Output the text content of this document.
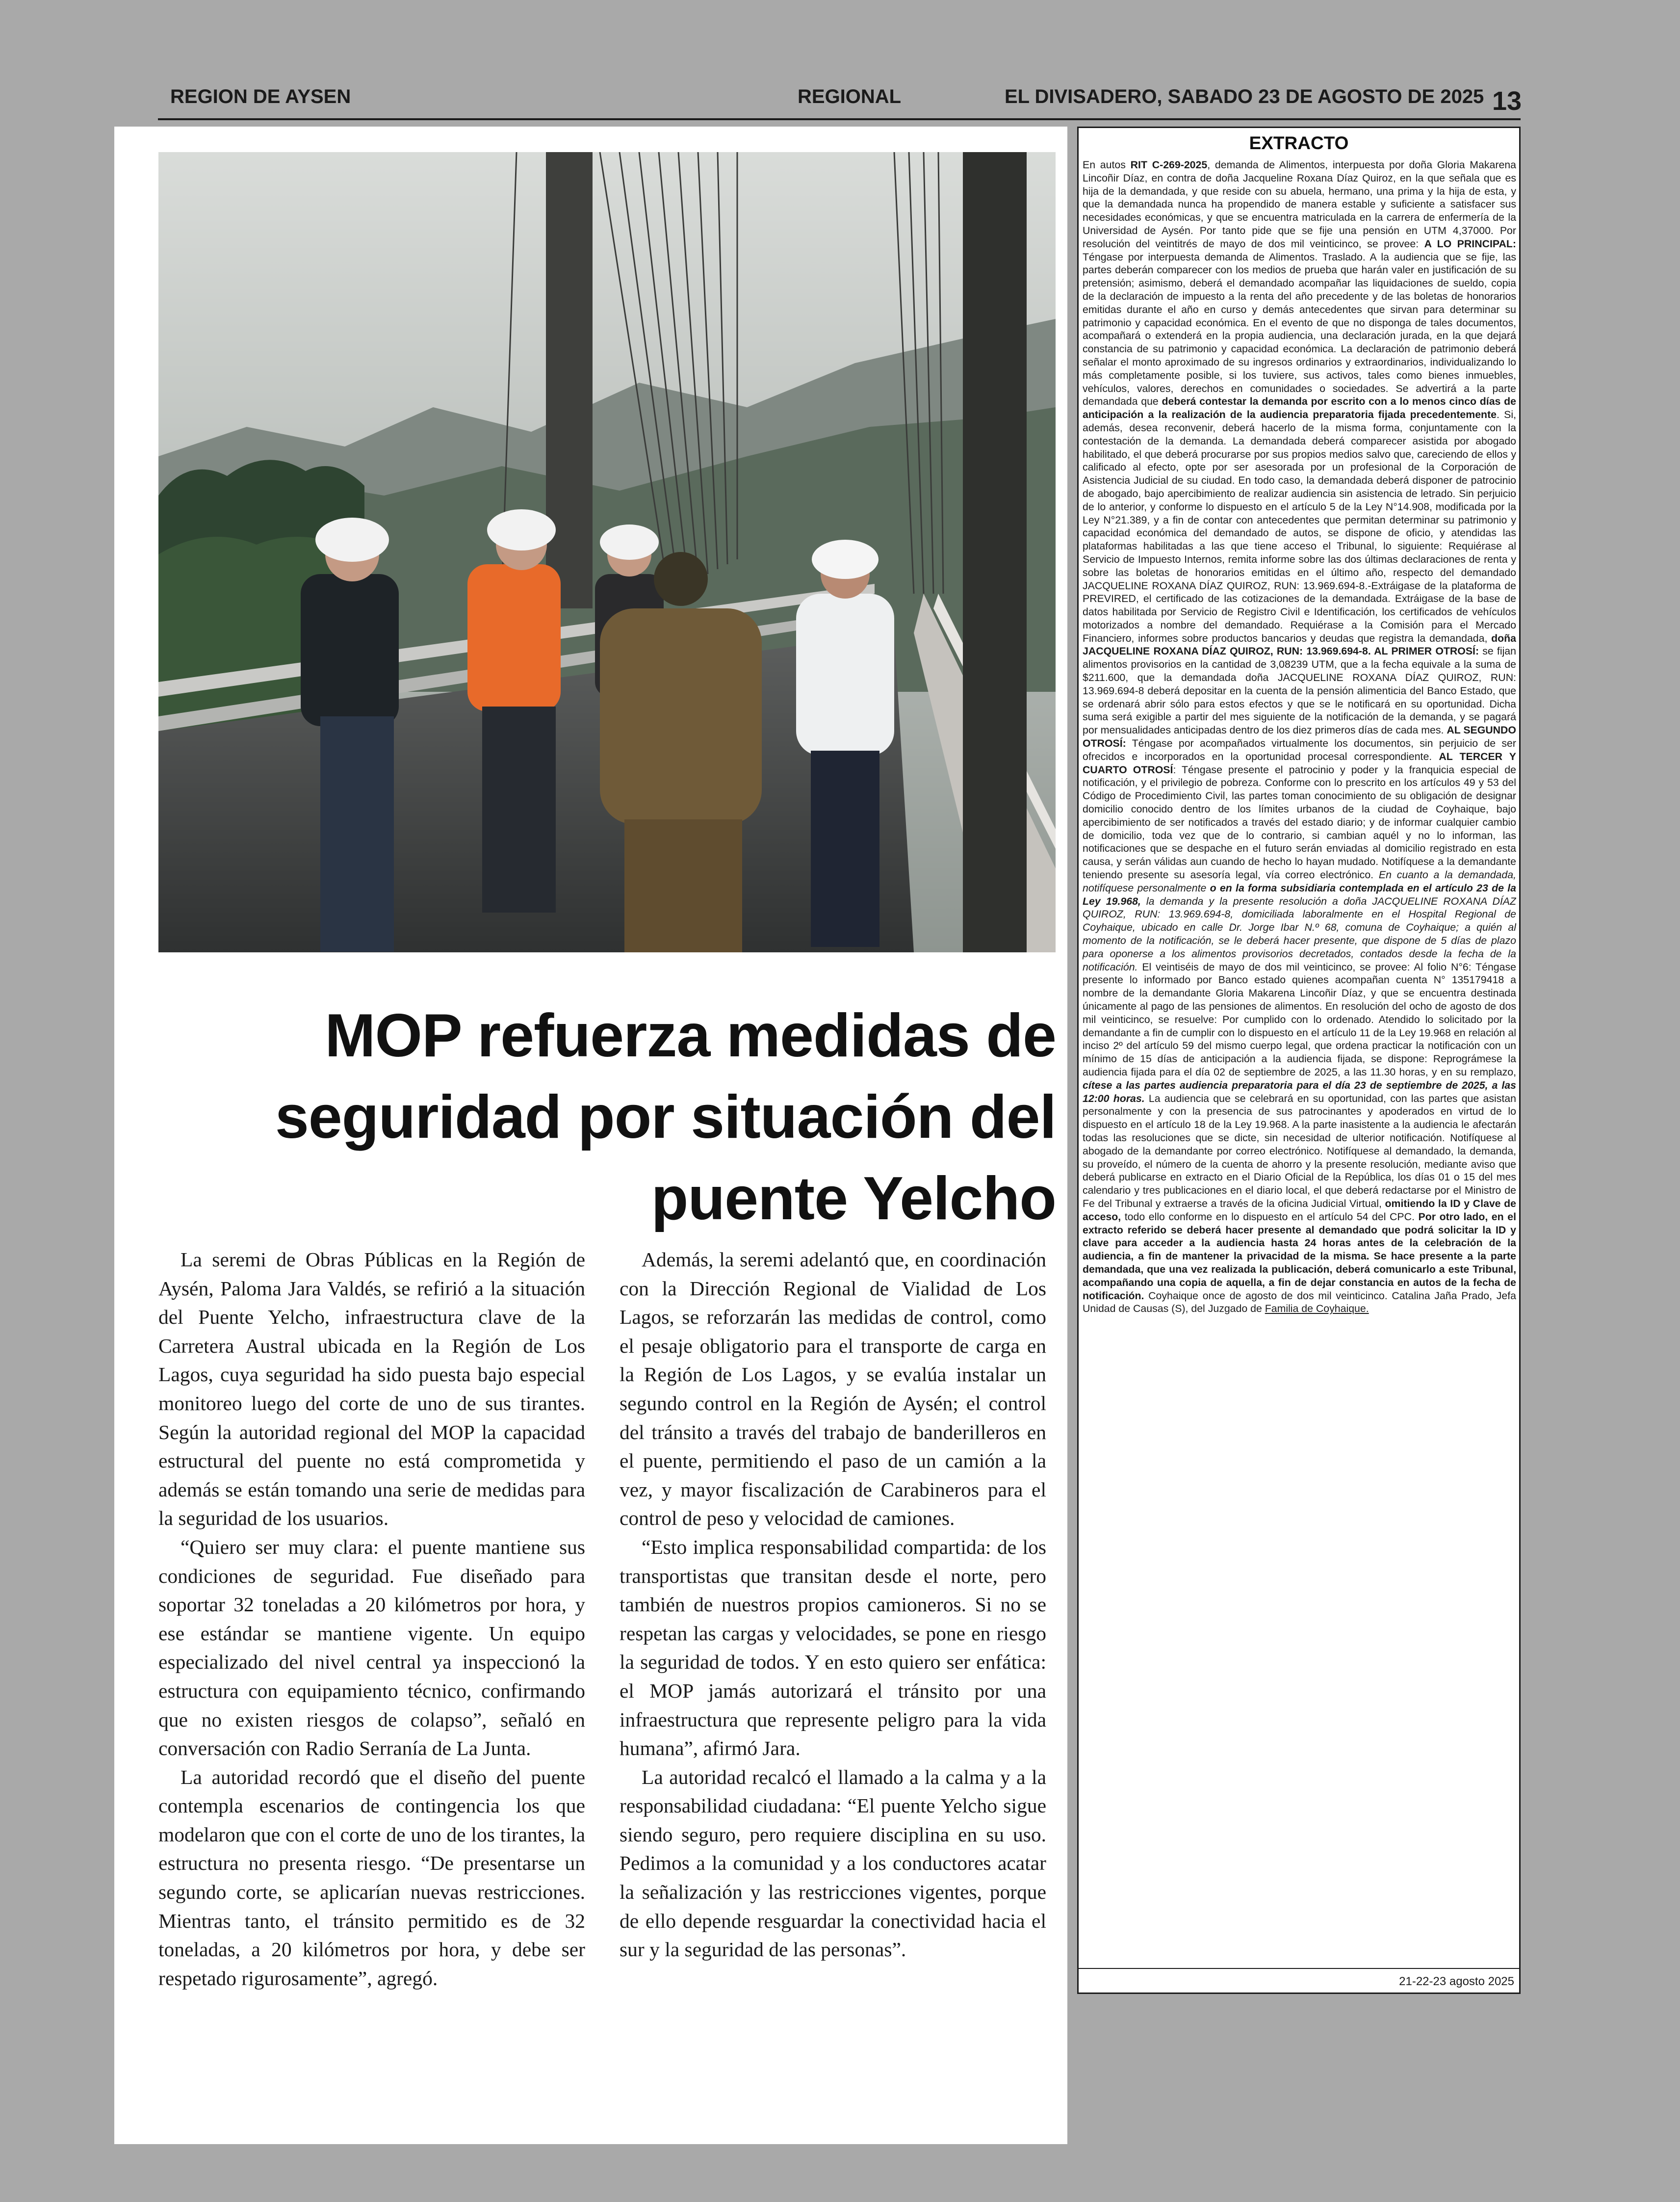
REGION DE AYSEN	REGIONAL	EL DIVISADERO, SABADO 23 DE AGOSTO DE 2025 13
MOP refuerza medidas de
seguridad por situación del
puente Yelcho

La seremi de Obras Públicas en la Región de Aysén, Paloma Jara Valdés, se refirió a la situación del Puente Yelcho, infraestructura clave de la Carretera Austral ubicada en la Región de Los Lagos, cuya seguridad ha sido puesta bajo especial monitoreo luego del corte de uno de sus tirantes. Según la autoridad regional del MOP la capacidad estructural del puente no está comprometida y además se están tomando una serie de medidas para la seguridad de los usuarios.

“Quiero ser muy clara: el puente mantiene sus condiciones de seguridad. Fue diseñado para soportar 32 toneladas a 20 kilómetros por hora, y ese estándar se mantiene vigente. Un equipo especializado del nivel central ya inspeccionó la estructura con equipamiento técnico, confirmando que no existen riesgos de colapso”, señaló en conversación con Radio Serranía de La Junta.

La autoridad recordó que el diseño del puente contempla escenarios de contingencia los que modelaron que con el corte de uno de los tirantes, la estructura no presenta riesgo. “De presentarse un segundo corte, se aplicarían nuevas restricciones. Mientras tanto, el tránsito permitido es de 32 toneladas, a 20 kilómetros por hora, y debe ser respetado rigurosamente”, agregó.

Además, la seremi adelantó que, en coordinación con la Dirección Regional de Vialidad de Los Lagos, se reforzarán las medidas de control, como el pesaje obligatorio para el transporte de carga en la Región de Los Lagos, y se evalúa instalar un segundo control en la Región de Aysén; el control del tránsito a través del trabajo de banderilleros en el puente, permitiendo el paso de un camión a la vez, y mayor fiscalización de Carabineros para el control de peso y velocidad de camiones.

“Esto implica responsabilidad compartida: de los transportistas que transitan desde el norte, pero también de nuestros propios camioneros. Si no se respetan las cargas y velocidades, se pone en riesgo la seguridad de todos. Y en esto quiero ser enfática: el MOP jamás autorizará el tránsito por una infraestructura que represente peligro para la vida humana”, afirmó Jara.

La autoridad recalcó el llamado a la calma y a la responsabilidad ciudadana: “El puente Yelcho sigue siendo seguro, pero requiere disciplina en su uso. Pedimos a la comunidad y a los conductores acatar la señalización y las restricciones vigentes, porque de ello depende resguardar la conectividad hacia el sur y la seguridad de las personas”.

EXTRACTO
En autos RIT C-269-2025, demanda de Alimentos, interpuesta por doña Gloria Makarena Lincoñir Díaz, en contra de doña Jacqueline Roxana Díaz Quiroz, en la que señala que es hija de la demandada, y que reside con su abuela, hermano, una prima y la hija de esta, y que la demandada nunca ha propendido de manera estable y suficiente a satisfacer sus necesidades económicas, y que se encuentra matriculada en la carrera de enfermería de la Universidad de Aysén. Por tanto pide que se fije una pensión en UTM 4,37000. Por resolución del veintitrés de mayo de dos mil veinticinco, se provee: A LO PRINCIPAL: Téngase por interpuesta demanda de Alimentos. Traslado. A la audiencia que se fije, las partes deberán comparecer con los medios de prueba que harán valer en justificación de su pretensión; asimismo, deberá el demandado acompañar las liquidaciones de sueldo, copia de la declaración de impuesto a la renta del año precedente y de las boletas de honorarios emitidas durante el año en curso y demás antecedentes que sirvan para determinar su patrimonio y capacidad económica. En el evento de que no disponga de tales documentos, acompañará o extenderá en la propia audiencia, una declaración jurada, en la que dejará constancia de su patrimonio y capacidad económica. La declaración de patrimonio deberá señalar el monto aproximado de su ingresos ordinarios y extraordinarios, individualizando lo más completamente posible, si los tuviere, sus activos, tales como bienes inmuebles, vehículos, valores, derechos en comunidades o sociedades. Se advertirá a la parte demandada que deberá contestar la demanda por escrito con a lo menos cinco días de anticipación a la realización de la audiencia preparatoria fijada precedentemente. Si, además, desea reconvenir, deberá hacerlo de la misma forma, conjuntamente con la contestación de la demanda. La demandada deberá comparecer asistida por abogado habilitado, el que deberá procurarse por sus propios medios salvo que, careciendo de ellos y calificado al efecto, opte por ser asesorada por un profesional de la Corporación de Asistencia Judicial de su ciudad. En todo caso, la demandada deberá disponer de patrocinio de abogado, bajo apercibimiento de realizar audiencia sin asistencia de letrado. Sin perjuicio de lo anterior, y conforme lo dispuesto en el artículo 5 de la Ley N°14.908, modificada por la Ley N°21.389, y a fin de contar con antecedentes que permitan determinar su patrimonio y capacidad económica del demandado de autos, se dispone de oficio, y atendidas las plataformas habilitadas a las que tiene acceso el Tribunal, lo siguiente: Requiérase al Servicio de Impuesto Internos, remita informe sobre las dos últimas declaraciones de renta y sobre las boletas de honorarios emitidas en el último año, respecto del demandado JACQUELINE ROXANA DÍAZ QUIROZ, RUN: 13.969.694-8.-Extráigase de la plataforma de PREVIRED, el certificado de las cotizaciones de la demandada. Extráigase de la base de datos habilitada por Servicio de Registro Civil e Identificación, los certificados de vehículos motorizados a nombre del demandado. Requiérase a la Comisión para el Mercado Financiero, informes sobre productos bancarios y deudas que registra la demandada, doña JACQUELINE ROXANA DÍAZ QUIROZ, RUN: 13.969.694-8. AL PRIMER OTROSÍ: se fijan alimentos provisorios en la cantidad de 3,08239 UTM, que a la fecha equivale a la suma de $211.600, que la demandada doña JACQUELINE ROXANA DÍAZ QUIROZ, RUN: 13.969.694-8 deberá depositar en la cuenta de la pensión alimenticia del Banco Estado, que se ordenará abrir sólo para estos efectos y que se le notificará en su oportunidad. Dicha suma será exigible a partir del mes siguiente de la notificación de la demanda, y se pagará por mensualidades anticipadas dentro de los diez primeros días de cada mes. AL SEGUNDO OTROSÍ: Téngase por acompañados virtualmente los documentos, sin perjuicio de ser ofrecidos e incorporados en la oportunidad procesal correspondiente. AL TERCER Y CUARTO OTROSÍ: Téngase presente el patrocinio y poder y la franquicia especial de notificación, y el privilegio de pobreza. Conforme con lo prescrito en los artículos 49 y 53 del Código de Procedimiento Civil, las partes toman conocimiento de su obligación de designar domicilio conocido dentro de los límites urbanos de la ciudad de Coyhaique, bajo apercibimiento de ser notificados a través del estado diario; y de informar cualquier cambio de domicilio, toda vez que de lo contrario, si cambian aquél y no lo informan, las notificaciones que se despache en el futuro serán enviadas al domicilio registrado en esta causa, y serán válidas aun cuando de hecho lo hayan mudado. Notifíquese a la demandante teniendo presente su asesoría legal, vía correo electrónico. En cuanto a la demandada, notifíquese personalmente o en la forma subsidiaria contemplada en el artículo 23 de la Ley 19.968, la demanda y la presente resolución a doña JACQUELINE ROXANA DÍAZ QUIROZ, RUN: 13.969.694-8, domiciliada laboralmente en el Hospital Regional de Coyhaique, ubicado en calle Dr. Jorge Ibar N.º 68, comuna de Coyhaique; a quién al momento de la notificación, se le deberá hacer presente, que dispone de 5 días de plazo para oponerse a los alimentos provisorios decretados, contados desde la fecha de la notificación. El veintiséis de mayo de dos mil veinticinco, se provee: Al folio N°6: Téngase presente lo informado por Banco estado quienes acompañan cuenta N° 135179418 a nombre de la demandante Gloria Makarena Lincoñir Díaz, y que se encuentra destinada únicamente al pago de las pensiones de alimentos. En resolución del ocho de agosto de dos mil veinticinco, se resuelve: Por cumplido con lo ordenado. Atendido lo solicitado por la demandante a fin de cumplir con lo dispuesto en el artículo 11 de la Ley 19.968 en relación al inciso 2º del artículo 59 del mismo cuerpo legal, que ordena practicar la notificación con un mínimo de 15 días de anticipación a la audiencia fijada, se dispone: Reprográmese la audiencia fijada para el día 02 de septiembre de 2025, a las 11.30 horas, y en su remplazo, cítese a las partes audiencia preparatoria para el día 23 de septiembre de 2025, a las 12:00 horas. La audiencia que se celebrará en su oportunidad, con las partes que asistan personalmente y con la presencia de sus patrocinantes y apoderados en virtud de lo dispuesto en el artículo 18 de la Ley 19.968. A la parte inasistente a la audiencia le afectarán todas las resoluciones que se dicte, sin necesidad de ulterior notificación. Notifíquese al abogado de la demandante por correo electrónico. Notifíquese al demandado, la demanda, su proveído, el número de la cuenta de ahorro y la presente resolución, mediante aviso que deberá publicarse en extracto en el Diario Oficial de la República, los días 01 o 15 del mes calendario y tres publicaciones en el diario local, el que deberá redactarse por el Ministro de Fe del Tribunal y extraerse a través de la oficina Judicial Virtual, omitiendo la ID y Clave de acceso, todo ello conforme en lo dispuesto en el artículo 54 del CPC. Por otro lado, en el extracto referido se deberá hacer presente al demandado que podrá solicitar la ID y clave para acceder a la audiencia hasta 24 horas antes de la celebración de la audiencia, a fin de mantener la privacidad de la misma. Se hace presente a la parte demandada, que una vez realizada la publicación, deberá comunicarlo a este Tribunal, acompañando una copia de aquella, a fin de dejar constancia en autos de la fecha de notificación. Coyhaique once de agosto de dos mil veinticinco. Catalina Jaña Prado, Jefa Unidad de Causas (S), del Juzgado de Familia de Coyhaique.
21-22-23 agosto 2025
